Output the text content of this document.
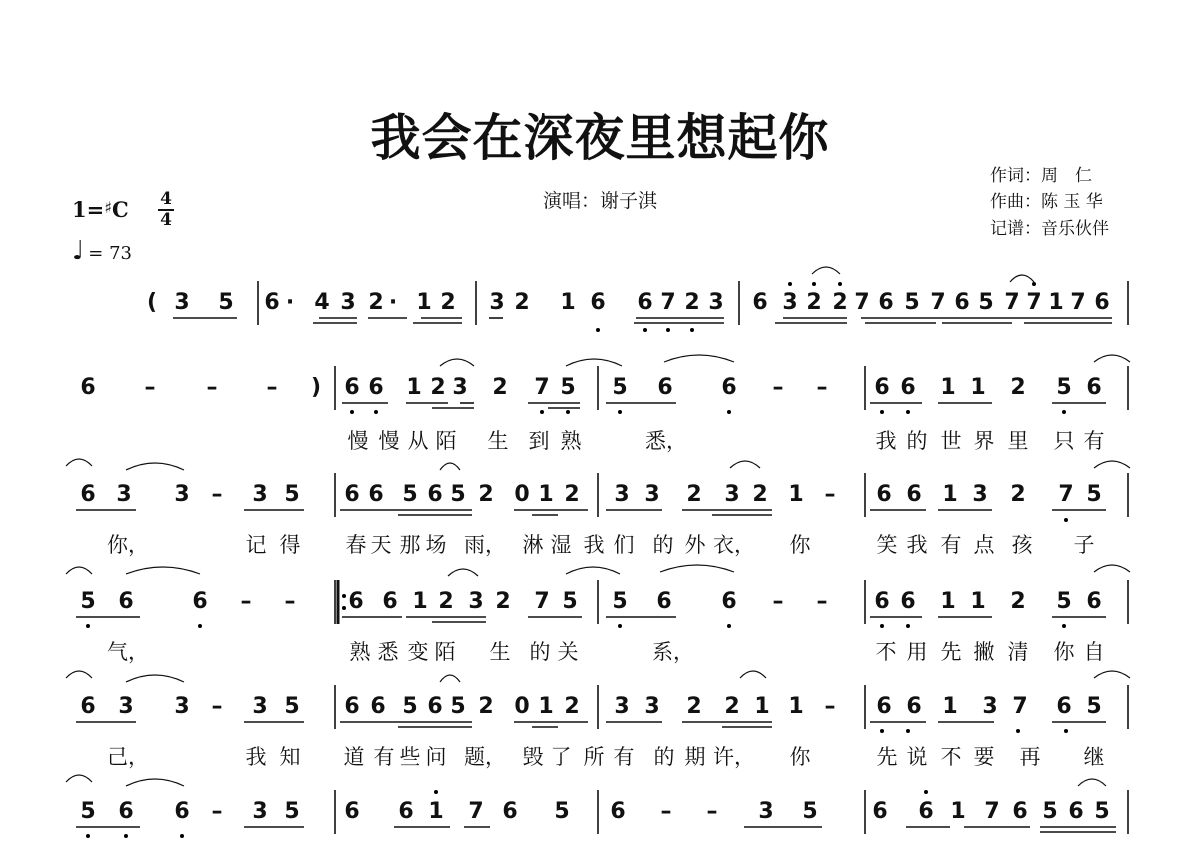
我会在深夜里想起你
演唱：谢子淇
作词：周　仁
作曲：陈 玉 华
记谱：音乐伙伴
1=♯C 4
4
♩ = 73
( 3 5 6 · 4 3 2 · 1 2 3 2 1 6 6 7 2 3 6 3 2 2 7 6 5 7 6 5 7 7 1 7 6
6 – – – ) 6 6 1 2 3 2 7 5 5 6 6 – – 6 6 1 1 2 5 6
慢 慢 从 陌 生 到 熟	悉，	我 的 世 界 里 只 有
6 3 3 – 3 5 6 6 5 6 5 2 0 1 2 3 3 2 3 2 1 – 6 6 1 3 2 7 5
你，	记 得 春 天 那 场 雨， 淋 湿 我 们 的 外 衣， 你	笑 我 有 点 孩 子
5 6	6 – – 6 6 1 2 3 2 7 5 5 6 6 – – 6 6 1 1 2 5 6
气，	熟 悉 变 陌 生 的 关	系，	不 用 先 撇 清 你 自
6 3 3 – 3 5 6 6 5 6 5 2 0 1 2 3 3 2 2 1 1 – 6 6 1 3 7 6 5
己，	我 知 道 有 些 问 题， 毁 了 所 有 的 期 许， 你	先 说 不 要 再 继
5 6 6 – 3 5 6 6 1 7 6 5 6 – – 3 5 6 6 1 7 6 5 6 5
